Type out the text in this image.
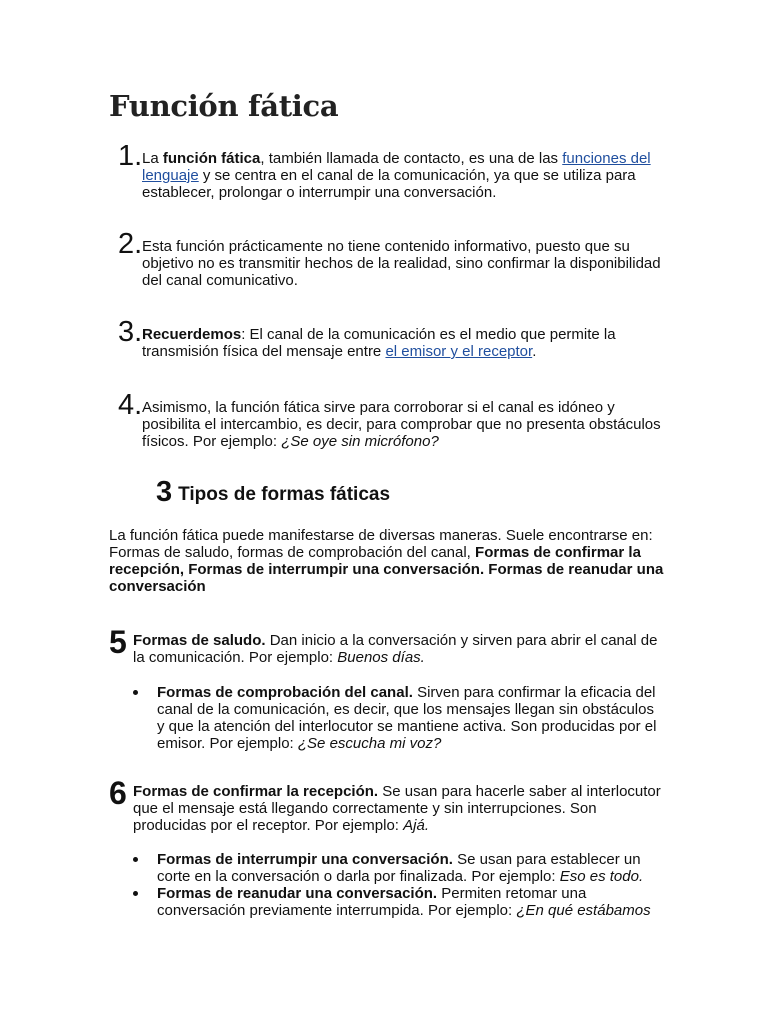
Función fática
1. La función fática, también llamada de contacto, es una de las funciones del lenguaje y se centra en el canal de la comunicación, ya que se utiliza para establecer, prolongar o interrumpir una conversación.
2. Esta función prácticamente no tiene contenido informativo, puesto que su objetivo no es transmitir hechos de la realidad, sino confirmar la disponibilidad del canal comunicativo.
3. Recuerdemos: El canal de la comunicación es el medio que permite la transmisión física del mensaje entre el emisor y el receptor.
4. Asimismo, la función fática sirve para corroborar si el canal es idóneo y posibilita el intercambio, es decir, para comprobar que no presenta obstáculos físicos. Por ejemplo: ¿Se oye sin micrófono?
3 Tipos de formas fáticas
La función fática puede manifestarse de diversas maneras. Suele encontrarse en: Formas de saludo, formas de comprobación del canal, Formas de confirmar la recepción, Formas de interrumpir una conversación. Formas de reanudar una conversación
5 Formas de saludo. Dan inicio a la conversación y sirven para abrir el canal de la comunicación. Por ejemplo: Buenos días.
Formas de comprobación del canal. Sirven para confirmar la eficacia del canal de la comunicación, es decir, que los mensajes llegan sin obstáculos y que la atención del interlocutor se mantiene activa. Son producidas por el emisor. Por ejemplo: ¿Se escucha mi voz?
6 Formas de confirmar la recepción. Se usan para hacerle saber al interlocutor que el mensaje está llegando correctamente y sin interrupciones. Son producidas por el receptor. Por ejemplo: Ajá.
Formas de interrumpir una conversación. Se usan para establecer un corte en la conversación o darla por finalizada. Por ejemplo: Eso es todo.
Formas de reanudar una conversación. Permiten retomar una conversación previamente interrumpida. Por ejemplo: ¿En qué estábamos
